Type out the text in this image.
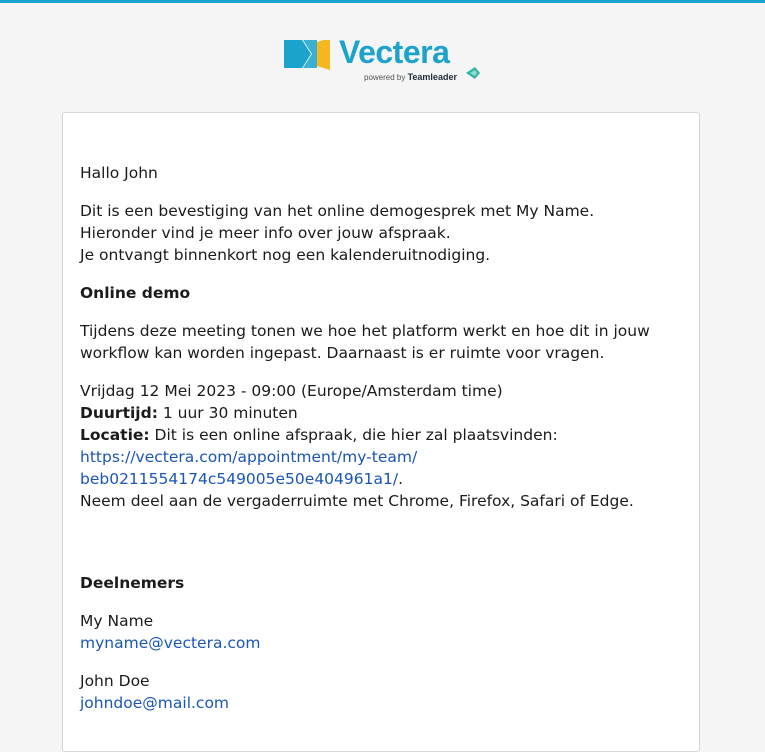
Vectera
powered by Teamleader

Hallo John

Dit is een bevestiging van het online demogesprek met My Name.
Hieronder vind je meer info over jouw afspraak.
Je ontvangt binnenkort nog een kalenderuitnodiging.

Online demo

Tijdens deze meeting tonen we hoe het platform werkt en hoe dit in jouw
workflow kan worden ingepast. Daarnaast is er ruimte voor vragen.

Vrijdag 12 Mei 2023 - 09:00 (Europe/Amsterdam time)
Duurtijd: 1 uur 30 minuten
Locatie: Dit is een online afspraak, die hier zal plaatsvinden:
https://vectera.com/appointment/my-team/
beb0211554174c549005e50e404961a1/.
Neem deel aan de vergaderruimte met Chrome, Firefox, Safari of Edge.

Deelnemers

My Name
myname@vectera.com

John Doe
johndoe@mail.com
